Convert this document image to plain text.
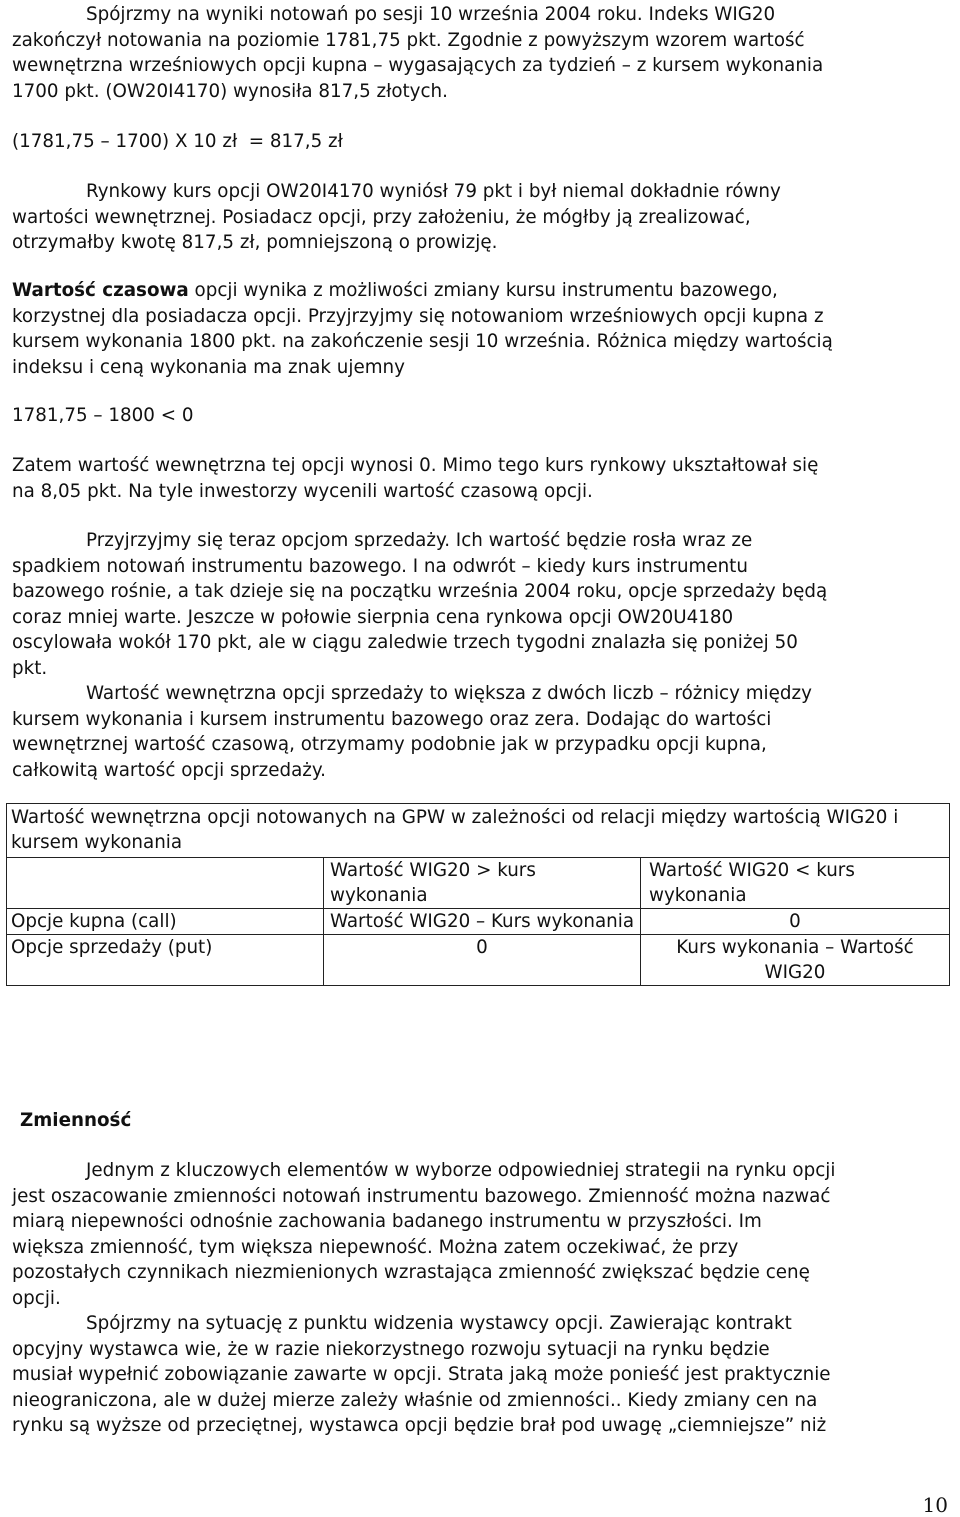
Spójrzmy na wyniki notowań po sesji 10 września 2004 roku. Indeks WIG20
zakończył notowania na poziomie 1781,75 pkt. Zgodnie z powyższym wzorem wartość
wewnętrzna wrześniowych opcji kupna – wygasających za tydzień – z kursem wykonania
1700 pkt. (OW20I4170) wynosiła 817,5 złotych.
(1781,75 – 1700) X 10 zł  = 817,5 zł
Rynkowy kurs opcji OW20I4170 wyniósł 79 pkt i był niemal dokładnie równy
wartości wewnętrznej. Posiadacz opcji, przy założeniu, że mógłby ją zrealizować,
otrzymałby kwotę 817,5 zł, pomniejszoną o prowizję.
Wartość czasowa opcji wynika z możliwości zmiany kursu instrumentu bazowego,
korzystnej dla posiadacza opcji. Przyjrzyjmy się notowaniom wrześniowych opcji kupna z
kursem wykonania 1800 pkt. na zakończenie sesji 10 września. Różnica między wartością
indeksu i ceną wykonania ma znak ujemny
1781,75 – 1800 < 0
Zatem wartość wewnętrzna tej opcji wynosi 0. Mimo tego kurs rynkowy ukształtował się
na 8,05 pkt. Na tyle inwestorzy wycenili wartość czasową opcji.
Przyjrzyjmy się teraz opcjom sprzedaży. Ich wartość będzie rosła wraz ze
spadkiem notowań instrumentu bazowego. I na odwrót – kiedy kurs instrumentu
bazowego rośnie, a tak dzieje się na początku września 2004 roku, opcje sprzedaży będą
coraz mniej warte. Jeszcze w połowie sierpnia cena rynkowa opcji OW20U4180
oscylowała wokół 170 pkt, ale w ciągu zaledwie trzech tygodni znalazła się poniżej 50
pkt.
Wartość wewnętrzna opcji sprzedaży to większa z dwóch liczb – różnicy między
kursem wykonania i kursem instrumentu bazowego oraz zera. Dodając do wartości
wewnętrznej wartość czasową, otrzymamy podobnie jak w przypadku opcji kupna,
całkowitą wartość opcji sprzedaży.
Wartość wewnętrzna opcji notowanych na GPW w zależności od relacji między wartością WIG20 i kursem wykonania		
	Wartość WIG20 > kurs wykonania	Wartość WIG20 < kurs wykonania
Opcje kupna (call)	Wartość WIG20 – Kurs wykonania	0
Opcje sprzedaży (put)	0	Kurs wykonania – Wartość WIG20
Zmienność
Jednym z kluczowych elementów w wyborze odpowiedniej strategii na rynku opcji
jest oszacowanie zmienności notowań instrumentu bazowego. Zmienność można nazwać
miarą niepewności odnośnie zachowania badanego instrumentu w przyszłości. Im
większa zmienność, tym większa niepewność. Można zatem oczekiwać, że przy
pozostałych czynnikach niezmienionych wzrastająca zmienność zwiększać będzie cenę
opcji.
Spójrzmy na sytuację z punktu widzenia wystawcy opcji. Zawierając kontrakt
opcyjny wystawca wie, że w razie niekorzystnego rozwoju sytuacji na rynku będzie
musiał wypełnić zobowiązanie zawarte w opcji. Strata jaką może ponieść jest praktycznie
nieograniczona, ale w dużej mierze zależy właśnie od zmienności.. Kiedy zmiany cen na
rynku są wyższe od przeciętnej, wystawca opcji będzie brał pod uwagę „ciemniejsze” niż
10
